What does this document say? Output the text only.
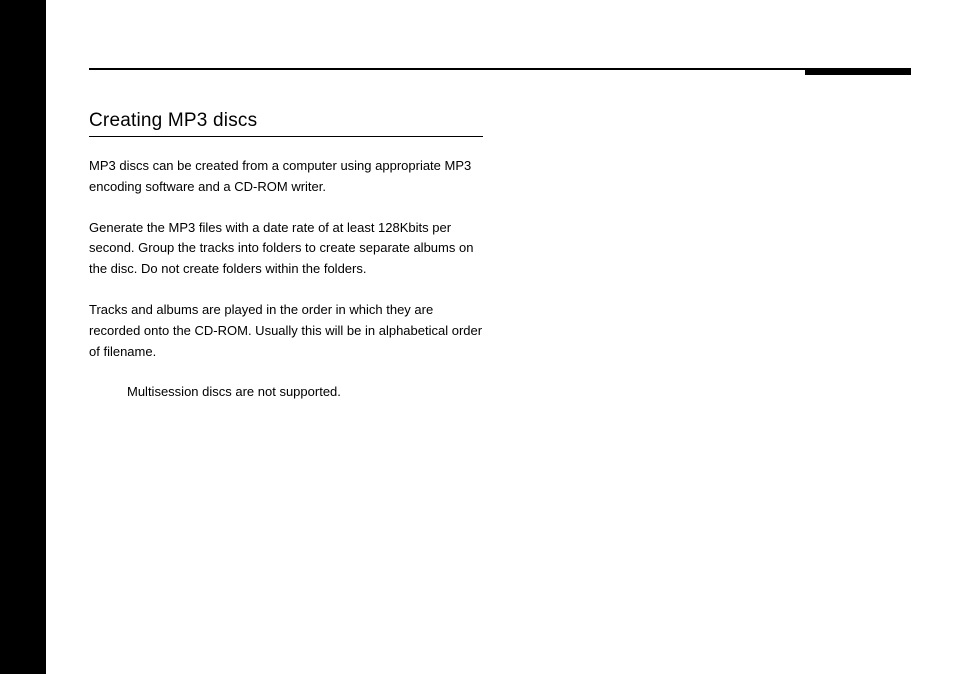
Creating MP3 discs

MP3 discs can be created from a computer using appropriate MP3 encoding software and a CD-ROM writer.

Generate the MP3 files with a date rate of at least 128Kbits per second. Group the tracks into folders to create separate albums on the disc. Do not create folders within the folders.

Tracks and albums are played in the order in which they are recorded onto the CD-ROM. Usually this will be in alphabetical order of filename.

Multisession discs are not supported.
